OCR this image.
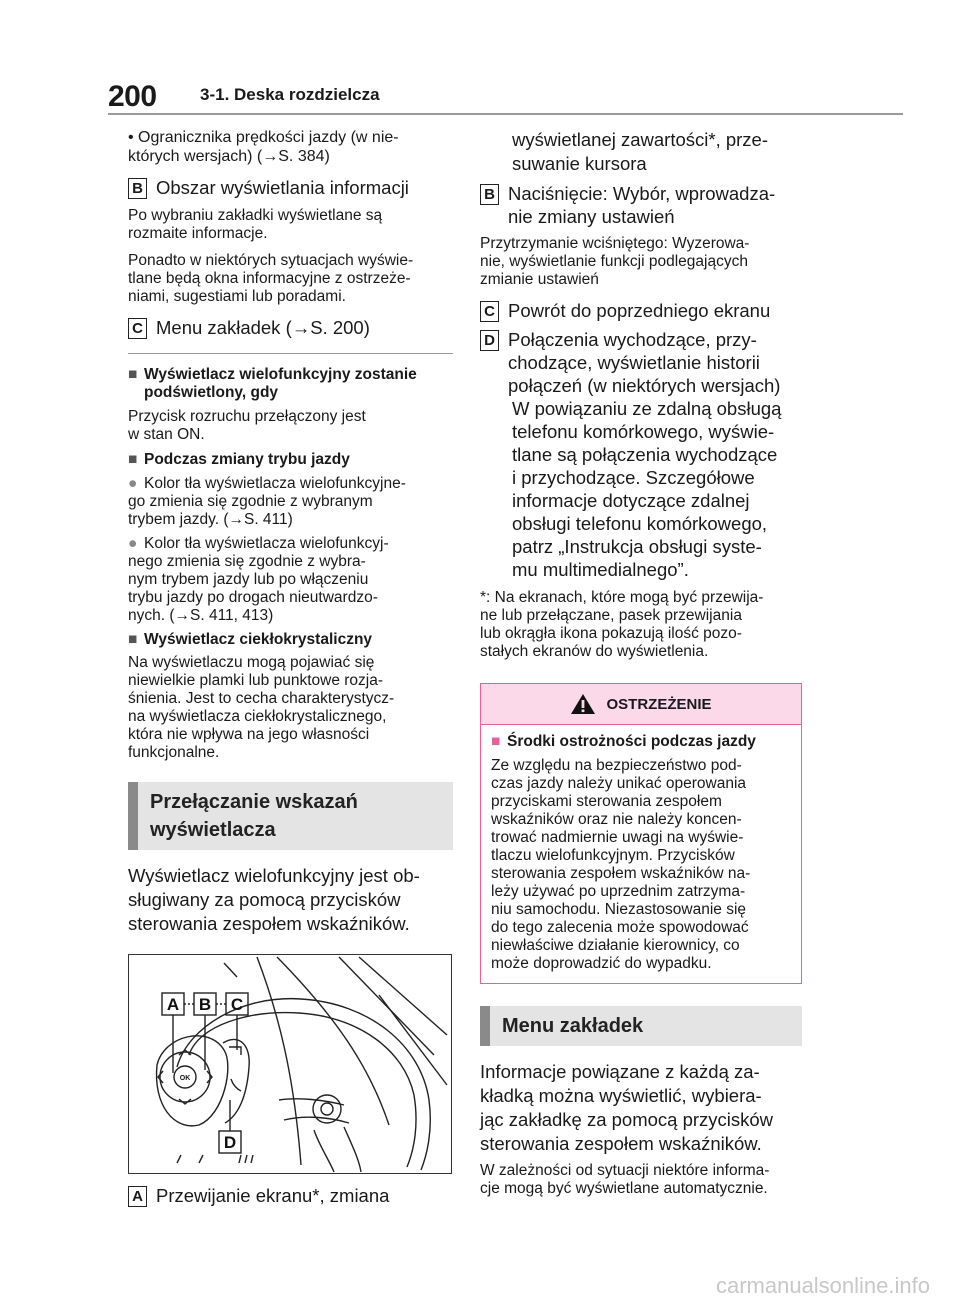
200	3-1. Deska rozdzielcza
• Ogranicznika prędkości jazdy (w nie-
których wersjach) (→S. 384)
B Obszar wyświetlania informacji
Po wybraniu zakładki wyświetlane są
rozmaite informacje.
Ponadto w niektórych sytuacjach wyświe-
tlane będą okna informacyjne z ostrzeże-
niami, sugestiami lub poradami.
C Menu zakładek (→S. 200)
■ Wyświetlacz wielofunkcyjny zostanie podświetlony, gdy
Przycisk rozruchu przełączony jest
w stan ON.
■ Podczas zmiany trybu jazdy
● Kolor tła wyświetlacza wielofunkcyjne-
go zmienia się zgodnie z wybranym
trybem jazdy. (→S. 411)
● Kolor tła wyświetlacza wielofunkcyj-
nego zmienia się zgodnie z wybra-
nym trybem jazdy lub po włączeniu
trybu jazdy po drogach nieutwardzo-
nych. (→S. 411, 413)
■ Wyświetlacz ciekłokrystaliczny
Na wyświetlaczu mogą pojawiać się
niewielkie plamki lub punktowe rozja-
śnienia. Jest to cecha charakterystycz-
na wyświetlacza ciekłokrystalicznego,
która nie wpływa na jego własności
funkcjonalne.
Przełączanie wskazań
wyświetlacza
Wyświetlacz wielofunkcyjny jest ob-
sługiwany za pomocą przycisków
sterowania zespołem wskaźników.
A B C
D
OK
A Przewijanie ekranu*, zmiana
wyświetlanej zawartości*, prze-
suwanie kursora
B Naciśnięcie: Wybór, wprowadza-
nie zmiany ustawień
Przytrzymanie wciśniętego: Wyzerowa-
nie, wyświetlanie funkcji podlegających
zmianie ustawień
C Powrót do poprzedniego ekranu
D Połączenia wychodzące, przy-
chodzące, wyświetlanie historii
połączeń (w niektórych wersjach)
W powiązaniu ze zdalną obsługą
telefonu komórkowego, wyświe-
tlane są połączenia wychodzące
i przychodzące. Szczegółowe
informacje dotyczące zdalnej
obsługi telefonu komórkowego,
patrz „Instrukcja obsługi syste-
mu multimedialnego”.
*: Na ekranach, które mogą być przewija-
ne lub przełączane, pasek przewijania
lub okrągła ikona pokazują ilość pozo-
stałych ekranów do wyświetlenia.
OSTRZEŻENIE
■ Środki ostrożności podczas jazdy
Ze względu na bezpieczeństwo pod-
czas jazdy należy unikać operowania
przyciskami sterowania zespołem
wskaźników oraz nie należy koncen-
trować nadmiernie uwagi na wyświe-
tlaczu wielofunkcyjnym. Przycisków
sterowania zespołem wskaźników na-
leży używać po uprzednim zatrzyma-
niu samochodu. Niezastosowanie się
do tego zalecenia może spowodować
niewłaściwe działanie kierownicy, co
może doprowadzić do wypadku.
Menu zakładek
Informacje powiązane z każdą za-
kładką można wyświetlić, wybiera-
jąc zakładkę za pomocą przycisków
sterowania zespołem wskaźników.
W zależności od sytuacji niektóre informa-
cje mogą być wyświetlane automatycznie.
carmanualsonline.info
